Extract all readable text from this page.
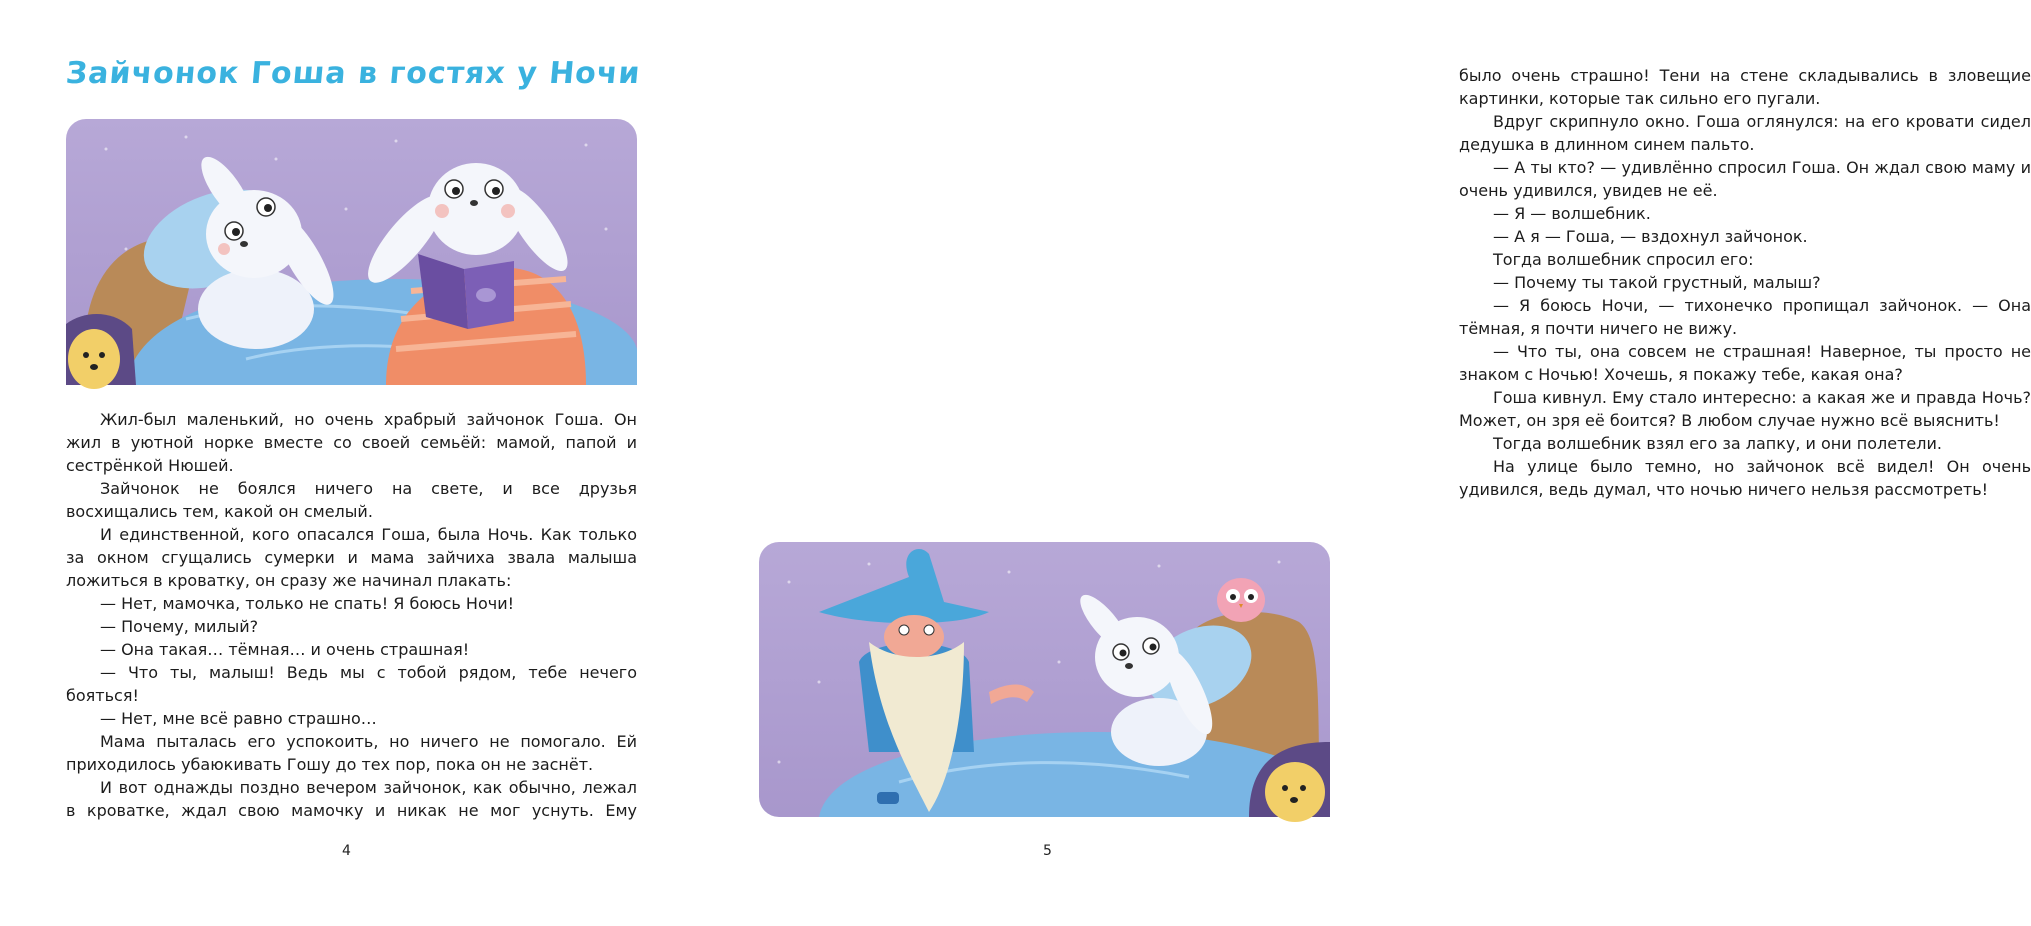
Зайчонок Гоша в гостях у Ночи

Жил-был маленький, но очень храбрый зайчонок Гоша. Он жил в уютной норке вместе со своей семьёй: мамой, папой и сестрёнкой Нюшей.

Зайчонок не боялся ничего на свете, и все друзья восхищались тем, какой он смелый.

И единственной, кого опасался Гоша, была Ночь. Как только за окном сгущались сумерки и мама зайчиха звала малыша ложиться в кроватку, он сразу же начинал плакать:

— Нет, мамочка, только не спать! Я боюсь Ночи!

— Почему, милый?

— Она такая… тёмная… и очень страшная!

— Что ты, малыш! Ведь мы с тобой рядом, тебе нечего бояться!

— Нет, мне всё равно страшно…

Мама пыталась его успокоить, но ничего не помогало. Ей приходилось убаюкивать Гошу до тех пор, пока он не заснёт.

И вот однажды поздно вечером зайчонок, как обычно, лежал в кроватке, ждал свою мамочку и никак не мог уснуть. Ему

4

было очень страшно! Тени на стене складывались в зловещие картинки, которые так сильно его пугали.

Вдруг скрипнуло окно. Гоша оглянулся: на его кровати сидел дедушка в длинном синем пальто.

— А ты кто? — удивлённо спросил Гоша. Он ждал свою маму и очень удивился, увидев не её.

— Я — волшебник.

— А я — Гоша, — вздохнул зайчонок.

Тогда волшебник спросил его:

— Почему ты такой грустный, малыш?

— Я боюсь Ночи, — тихонечко пропищал зайчонок. — Она тёмная, я почти ничего не вижу.

— Что ты, она совсем не страшная! Наверное, ты просто не знаком с Ночью! Хочешь, я покажу тебе, какая она?

Гоша кивнул. Ему стало интересно: а какая же и правда Ночь? Может, он зря её боится? В любом случае нужно всё выяснить!

Тогда волшебник взял его за лапку, и они полетели.

На улице было темно, но зайчонок всё видел! Он очень удивился, ведь думал, что ночью ничего нельзя рассмотреть!

5
